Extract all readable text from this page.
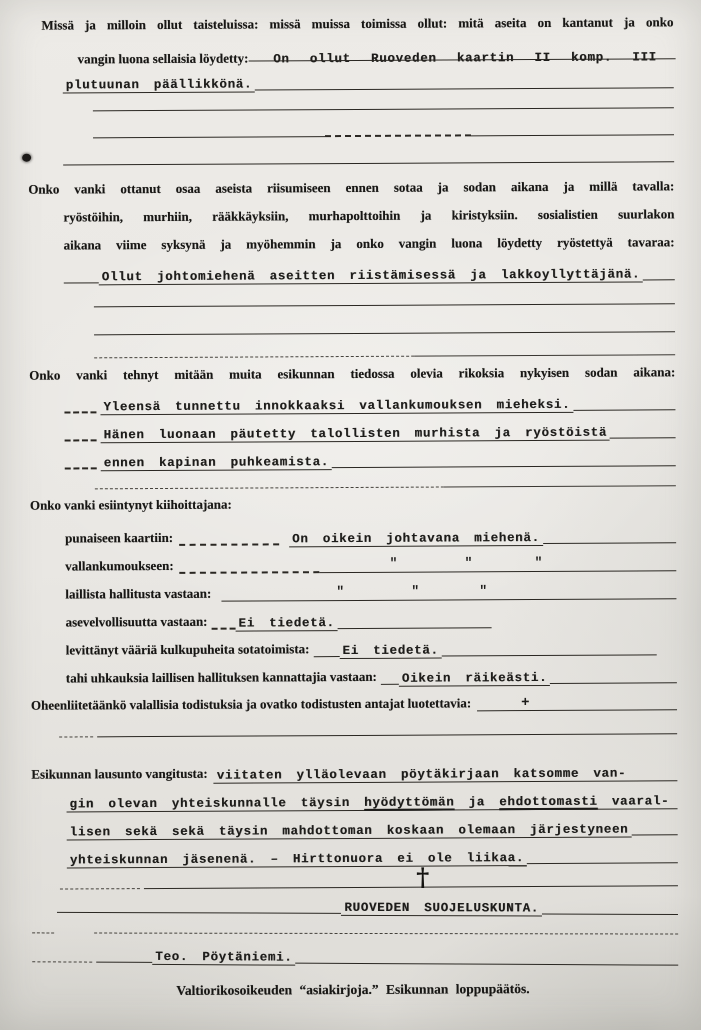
Missä ja milloin ollut taisteluissa: missä muissa toimissa ollut: mitä aseita on kantanut ja onko
vangin luona sellaisia löydetty:	On ollut Ruoveden kaartin II komp. III
plutuunan päällikkönä.
Onko vanki ottanut osaa aseista riisumiseen ennen sotaa ja sodan aikana ja millä tavalla:
ryöstöihin, murhiin, rääkkäyksiin, murhapolttoihin ja kiristyksiin. sosialistien suurlakon
aikana viime syksynä ja myöhemmin ja onko vangin luona löydetty ryöstettyä tavaraa:
Ollut johtomiehenä aseitten riistämisessä ja lakkoyllyttäjänä.
Onko vanki tehnyt mitään muita esikunnan tiedossa olevia rikoksia nykyisen sodan aikana:
Yleensä tunnettu innokkaaksi vallankumouksen mieheksi.
Hänen luonaan päutetty talollisten murhista ja ryöstöistä
ennen kapinan puhkeamista.
Onko vanki esiintynyt kiihoittajana:
punaiseen kaartiin:	On oikein johtavana miehenä.
vallankumoukseen:	"	"	"
laillista hallitusta vastaan:	"	"	"
asevelvollisuutta vastaan: Ei tiedetä.
levittänyt vääriä kulkupuheita sotatoimista:	Ei tiedetä.
tahi uhkauksia laillisen hallituksen kannattajia vastaan: Oikein räikeästi.
Oheenliitetäänkö valallisia todistuksia ja ovatko todistusten antajat luotettavia:	+
Esikunnan lausunto vangitusta: viitaten ylläolevaan pöytäkirjaan katsomme van-
gin olevan yhteiskunnalle täysin hyödyttömän ja ehdottomasti vaaral-
lisen sekä sekä täysin mahdottoman koskaan olemaan järjestyneen
yhteiskunnan jäsenenä. – Hirttonuora ei ole liikaa.
†
RUOVEDEN SUOJELUSKUNTA.
Teo. Pöytäniemi.
Valtiorikosoikeuden “asiakirjoja.” Esikunnan loppupäätös.
